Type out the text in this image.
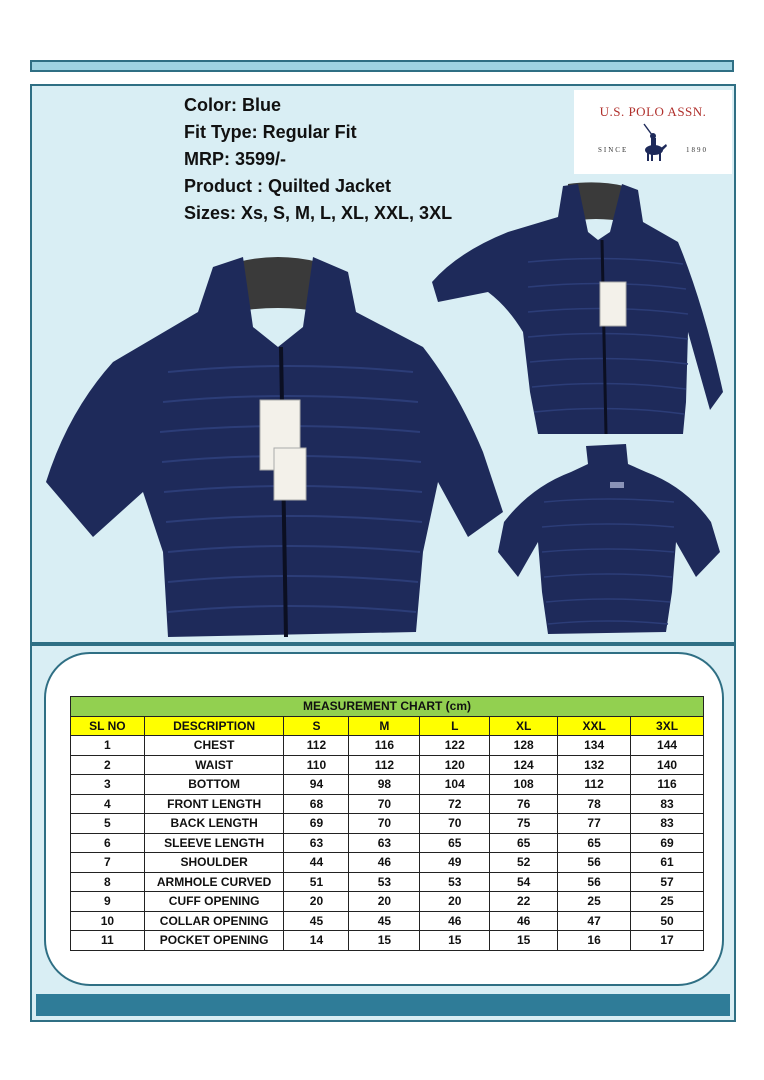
Color: Blue
Fit Type: Regular Fit
MRP: 3599/-
Product : Quilted Jacket
Sizes: Xs, S, M, L, XL, XXL, 3XL
U.S. POLO ASSN.
SINCE	1890
MEASUREMENT CHART (cm)							
SL NO	DESCRIPTION	S	M	L	XL	XXL	3XL
1	CHEST	112	116	122	128	134	144
2	WAIST	110	112	120	124	132	140
3	BOTTOM	94	98	104	108	112	116
4	FRONT LENGTH	68	70	72	76	78	83
5	BACK LENGTH	69	70	70	75	77	83
6	SLEEVE LENGTH	63	63	65	65	65	69
7	SHOULDER	44	46	49	52	56	61
8	ARMHOLE CURVED	51	53	53	54	56	57
9	CUFF OPENING	20	20	20	22	25	25
10	COLLAR OPENING	45	45	46	46	47	50
11	POCKET OPENING	14	15	15	15	16	17
